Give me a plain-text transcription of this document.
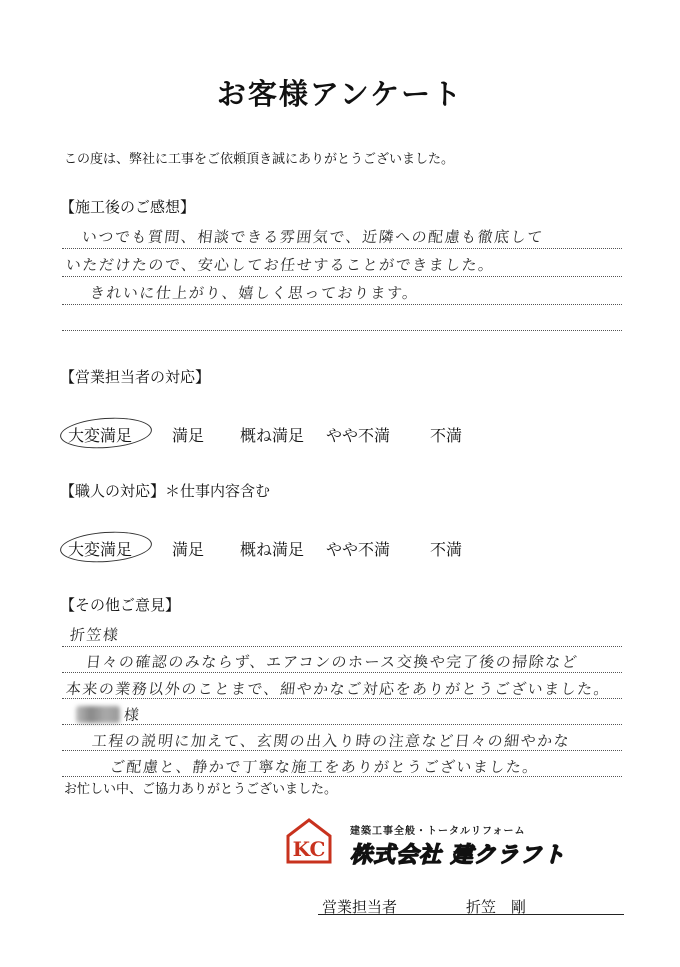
お客様アンケート
この度は、弊社に工事をご依頼頂き誠にありがとうございました。
【施工後のご感想】
いつでも質問、相談できる雰囲気で、近隣への配慮も徹底して
いただけたので、安心してお任せすることができました。
きれいに仕上がり、嬉しく思っております。
【営業担当者の対応】
大変満足 満足 概ね満足 やや不満 不満
【職人の対応】＊仕事内容含む
大変満足 満足 概ね満足 やや不満 不満
【その他ご意見】
折笠様
日々の確認のみならず、エアコンのホース交換や完了後の掃除など
本来の業務以外のことまで、細やかなご対応をありがとうございました。
様
工程の説明に加えて、玄関の出入り時の注意など日々の細やかな
ご配慮と、静かで丁寧な施工をありがとうございました。
お忙しい中、ご協力ありがとうございました。
KC
建築工事全般・トータルリフォーム
株式会社 建クラフト
営業担当者	折笠　剛
